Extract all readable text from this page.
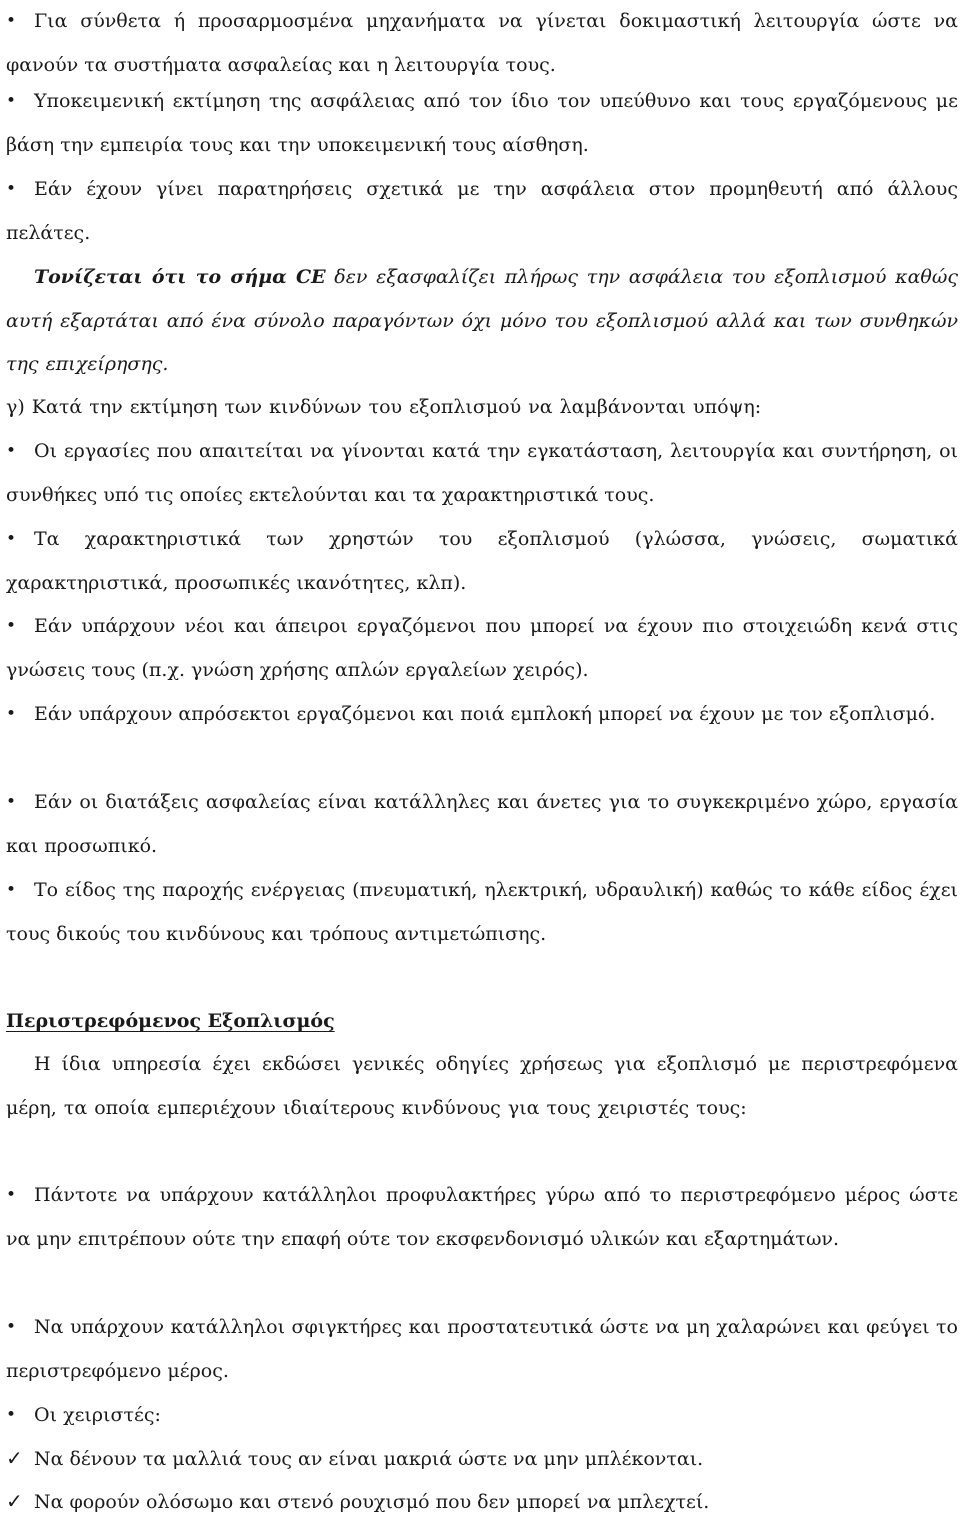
• Για σύνθετα ή προσαρμοσμένα μηχανήματα να γίνεται δοκιμαστική λειτουργία ώστε να φανούν τα συστήματα ασφαλείας και η λειτουργία τους.
• Υποκειμενική εκτίμηση της ασφάλειας από τον ίδιο τον υπεύθυνο και τους εργαζόμενους με βάση την εμπειρία τους και την υποκειμενική τους αίσθηση.
• Εάν έχουν γίνει παρατηρήσεις σχετικά με την ασφάλεια στον προμηθευτή από άλλους πελάτες.
Τονίζεται ότι το σήμα CE δεν εξασφαλίζει πλήρως την ασφάλεια του εξοπλισμού καθώς αυτή εξαρτάται από ένα σύνολο παραγόντων όχι μόνο του εξοπλισμού αλλά και των συνθηκών της επιχείρησης.
γ) Κατά την εκτίμηση των κινδύνων του εξοπλισμού να λαμβάνονται υπόψη:
• Οι εργασίες που απαιτείται να γίνονται κατά την εγκατάσταση, λειτουργία και συντήρηση, οι συνθήκες υπό τις οποίες εκτελούνται και τα χαρακτηριστικά τους.
• Τα χαρακτηριστικά των χρηστών του εξοπλισμού (γλώσσα, γνώσεις, σωματικά χαρακτηριστικά, προσωπικές ικανότητες, κλπ).
• Εάν υπάρχουν νέοι και άπειροι εργαζόμενοι που μπορεί να έχουν πιο στοιχειώδη κενά στις γνώσεις τους (π.χ. γνώση χρήσης απλών εργαλείων χειρός).
• Εάν υπάρχουν απρόσεκτοι εργαζόμενοι και ποιά εμπλοκή μπορεί να έχουν με τον εξοπλισμό.
• Εάν οι διατάξεις ασφαλείας είναι κατάλληλες και άνετες για το συγκεκριμένο χώρο, εργασία και προσωπικό.
• Το είδος της παροχής ενέργειας (πνευματική, ηλεκτρική, υδραυλική) καθώς το κάθε είδος έχει τους δικούς του κινδύνους και τρόπους αντιμετώπισης.
Περιστρεφόμενος Εξοπλισμός
Η ίδια υπηρεσία έχει εκδώσει γενικές οδηγίες χρήσεως για εξοπλισμό με περιστρεφόμενα μέρη, τα οποία εμπεριέχουν ιδιαίτερους κινδύνους για τους χειριστές τους:
• Πάντοτε να υπάρχουν κατάλληλοι προφυλακτήρες γύρω από το περιστρεφόμενο μέρος ώστε να μην επιτρέπουν ούτε την επαφή ούτε τον εκσφενδονισμό υλικών και εξαρτημάτων.
• Να υπάρχουν κατάλληλοι σφιγκτήρες και προστατευτικά ώστε να μη χαλαρώνει και φεύγει το περιστρεφόμενο μέρος.
• Οι χειριστές:
✓ Να δένουν τα μαλλιά τους αν είναι μακριά ώστε να μην μπλέκονται.
✓ Να φορούν ολόσωμο και στενό ρουχισμό που δεν μπορεί να μπλεχτεί.
